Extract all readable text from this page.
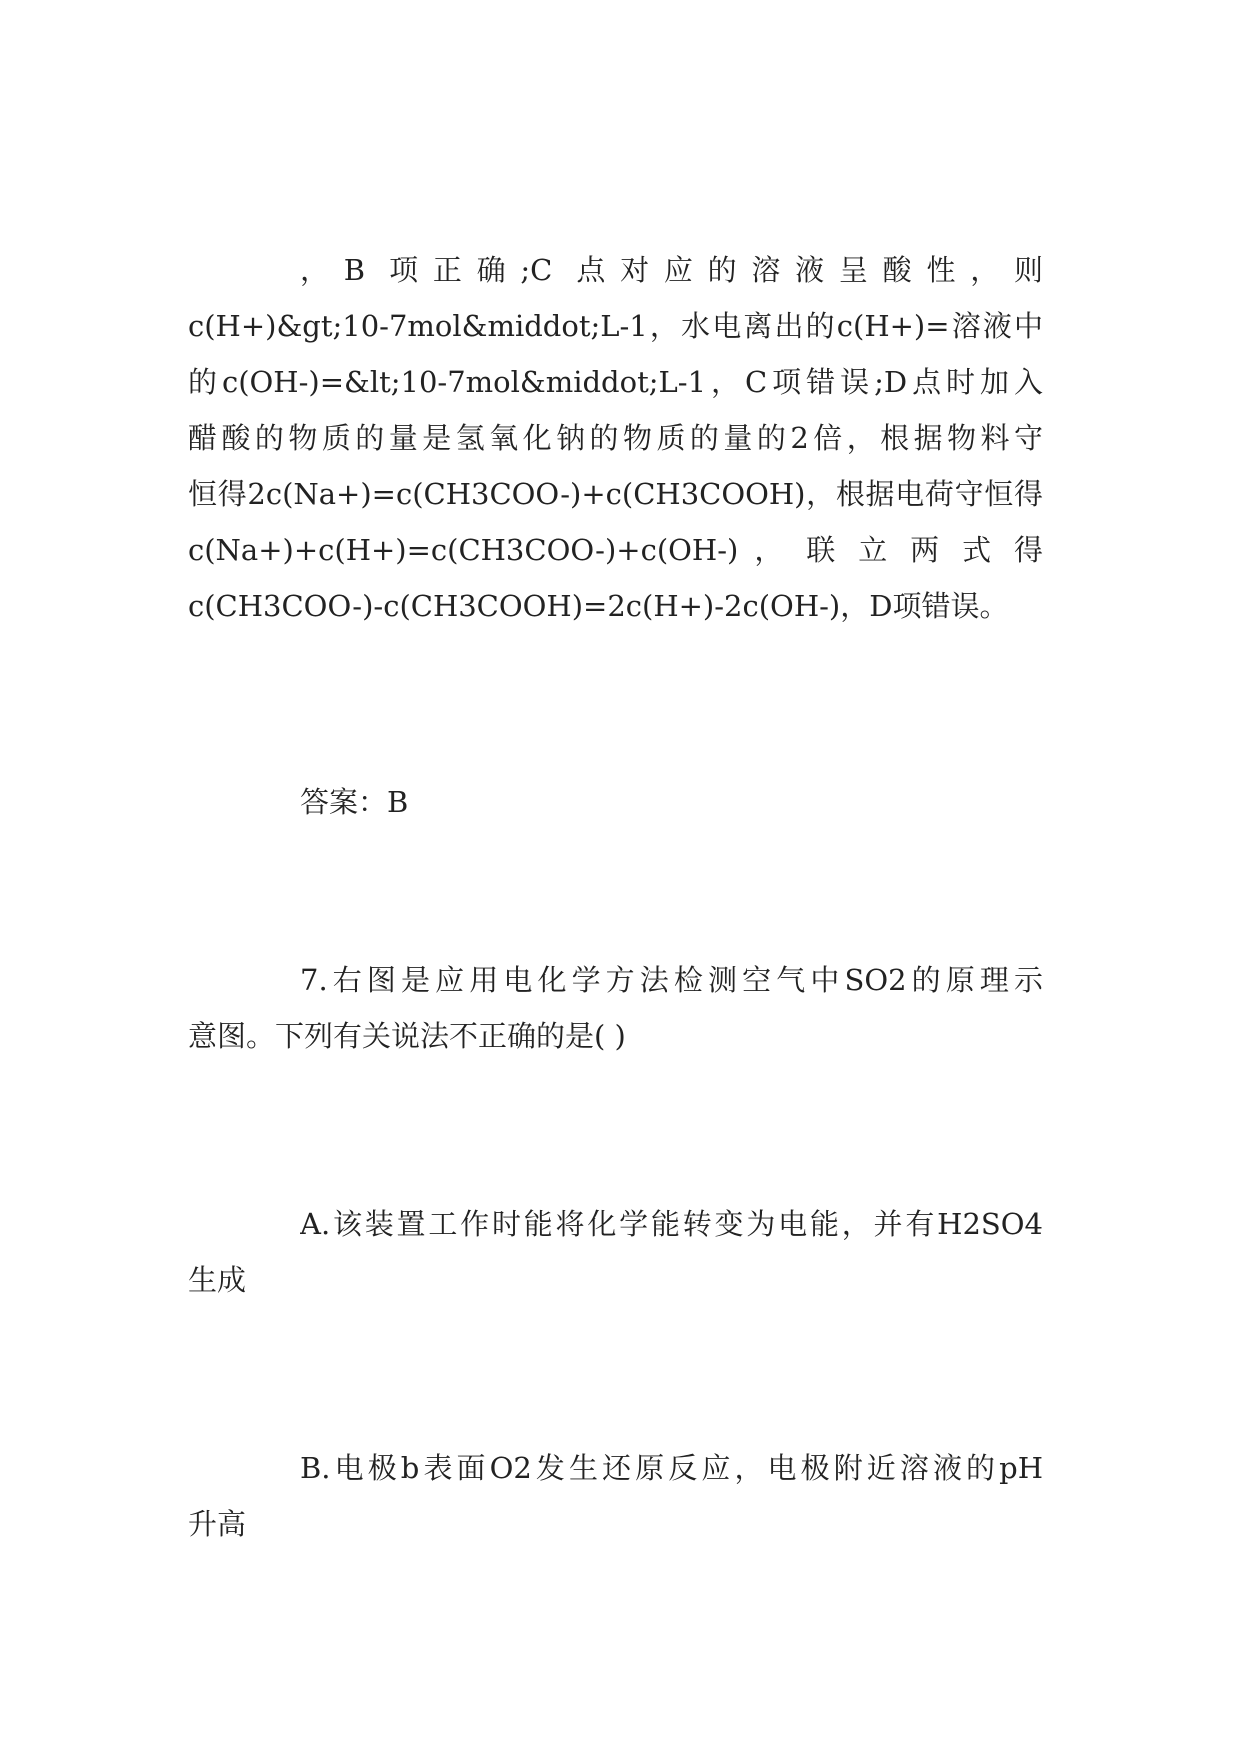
，B 项正确;C 点对应的溶液呈酸性，则
c(H+)&gt;10-7mol&middot;L-1，水电离出的c(H+)=溶液中
的c(OH-)=&lt;10-7mol&middot;L-1，C项错误;D点时加入
醋酸的物质的量是氢氧化钠的物质的量的2倍，根据物料守
恒得2c(Na+)=c(CH3COO-)+c(CH3COOH)，根据电荷守恒得
c(Na+)+c(H+)=c(CH3COO-)+c(OH-) ， 联 立 两 式 得
c(CH3COO-)-c(CH3COOH)=2c(H+)-2c(OH-)，D项错误。
答案：B
7.右图是应用电化学方法检测空气中SO2的原理示
意图。下列有关说法不正确的是( )
A.该装置工作时能将化学能转变为电能，并有H2SO4
生成
B.电极b表面O2发生还原反应，电极附近溶液的pH
升高
